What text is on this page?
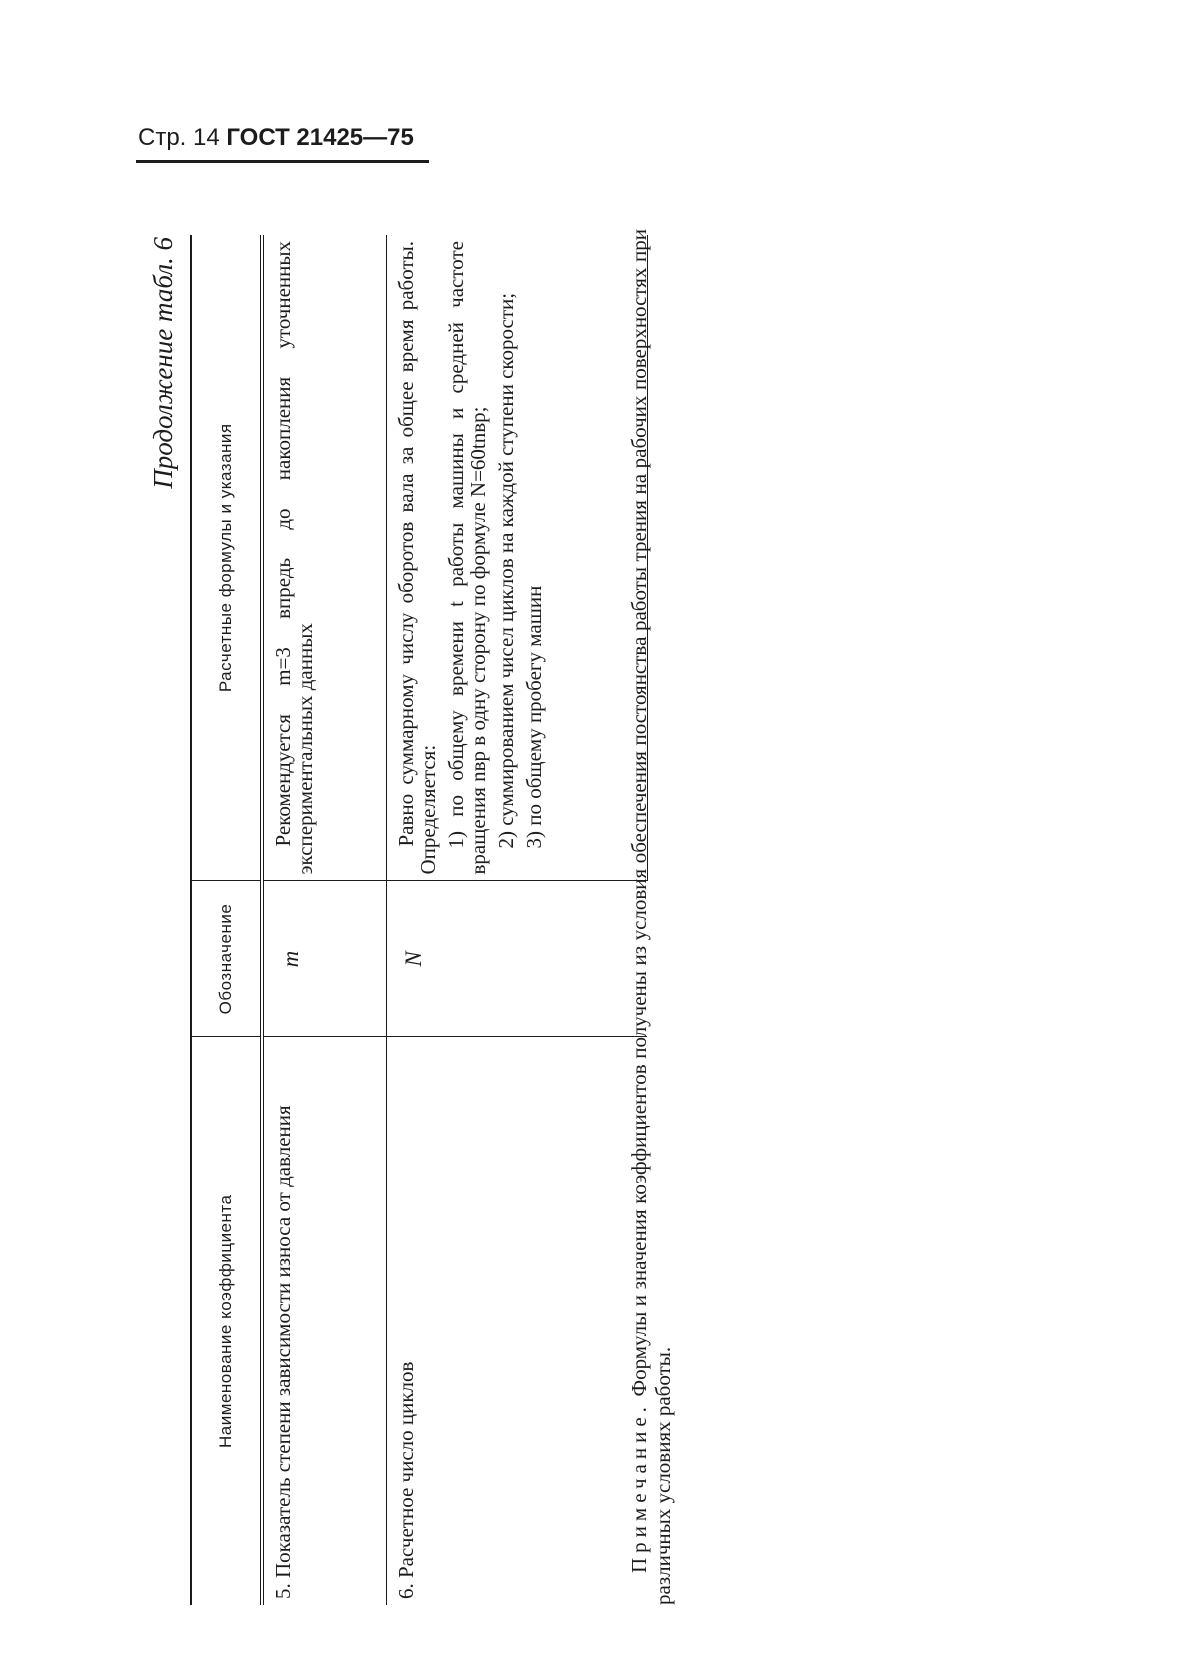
Стр. 14 ГОСТ 21425—75
Продолжение табл. 6
Наименование коэффициента	Обозначение	Расчетные формулы и указания
5. Показатель степени зависимости износа от давления	m	Рекомендуется m=3 впредь до накопления уточненных экспериментальных данных

6. Расчетное число циклов	N	Равно суммарному числу оборотов вала за общее время работы. Определяется: 1) по общему времени t работы машины и средней частоте вращения nвр в одну сторону по формуле N=60tnвр; 2) суммированием чисел циклов на каждой ступени скорости; 3) по общему пробегу машин

Примечание. Формулы и значения коэффициентов получены из условия обеспечения постоянства работы трения на рабочих поверхностях при различных условиях работы.
